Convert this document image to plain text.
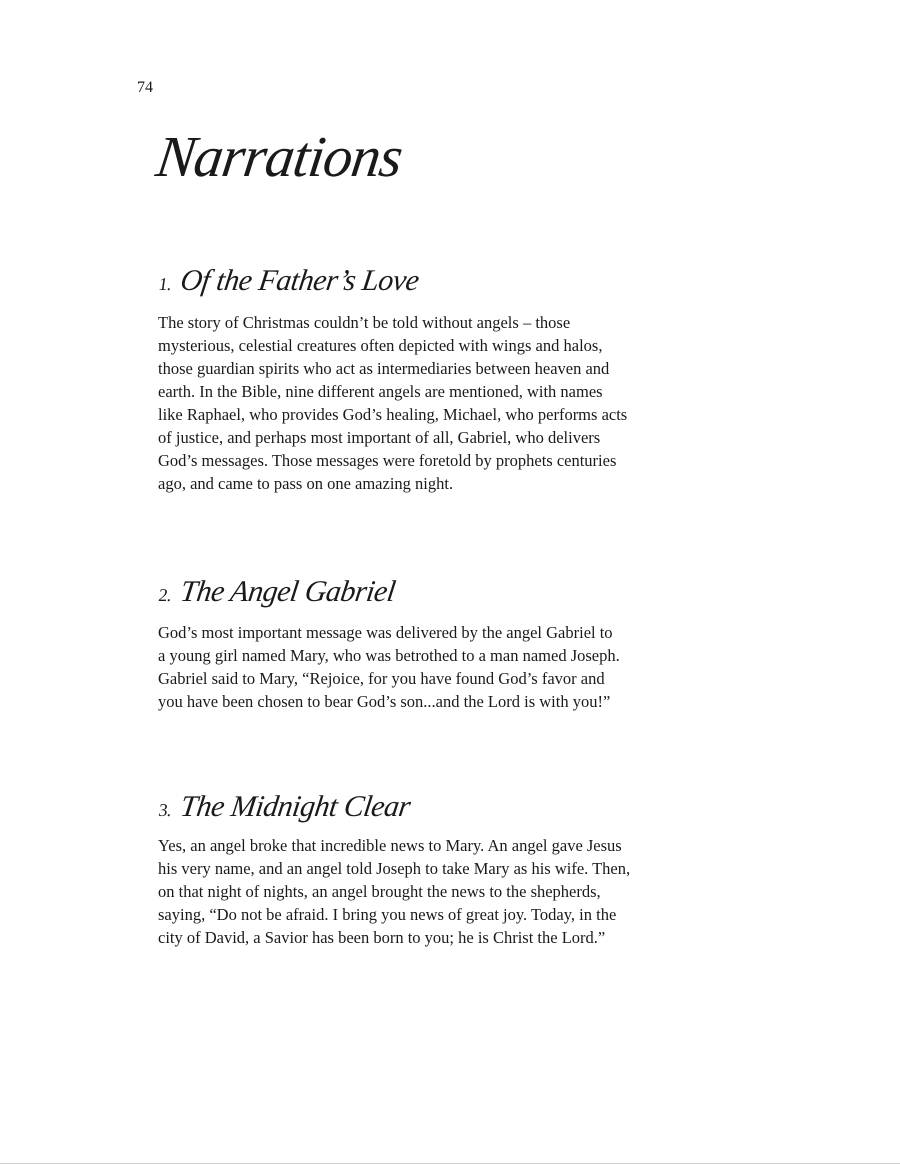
74
Narrations
1. Of the Father’s Love

The story of Christmas couldn’t be told without angels – those
mysterious, celestial creatures often depicted with wings and halos,
those guardian spirits who act as intermediaries between heaven and
earth. In the Bible, nine different angels are mentioned, with names
like Raphael, who provides God’s healing, Michael, who performs acts
of justice, and perhaps most important of all, Gabriel, who delivers
God’s messages. Those messages were foretold by prophets centuries
ago, and came to pass on one amazing night.

2. The Angel Gabriel

God’s most important message was delivered by the angel Gabriel to
a young girl named Mary, who was betrothed to a man named Joseph.
Gabriel said to Mary, “Rejoice, for you have found God’s favor and
you have been chosen to bear God’s son...and the Lord is with you!”

3. The Midnight Clear

Yes, an angel broke that incredible news to Mary. An angel gave Jesus
his very name, and an angel told Joseph to take Mary as his wife. Then,
on that night of nights, an angel brought the news to the shepherds,
saying, “Do not be afraid. I bring you news of great joy. Today, in the
city of David, a Savior has been born to you; he is Christ the Lord.”
